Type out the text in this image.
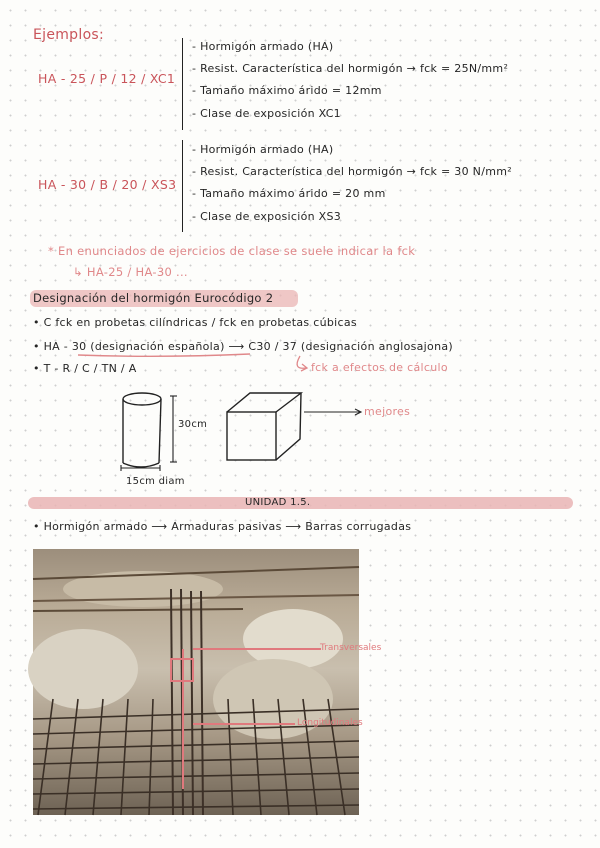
Ejemplos:
HA - 25 / P / 12 / XC1
- Hormigón armado (HA)
- Resist. Característica del hormigón → fck = 25N/mm²
- Tamaño máximo árido = 12mm
- Clase de exposición XC1
HA - 30 / B / 20 / XS3
- Hormigón armado (HA)
- Resist. Característica del hormigón → fck = 30 N/mm²
- Tamaño máximo árido = 20 mm
- Clase de exposición XS3
* En enunciados de ejercicios de clase se suele indicar la fck
↳ HA-25 / HA-30 ...
Designación del hormigón Eurocódigo 2
• C fck en probetas cilíndricas / fck en probetas cúbicas
• HA - 30 (designación española) ⟶ C30 / 37 (designación anglosajona)
• T - R / C / TN / A	fck a efectos de cálculo
30cm
15cm diam
mejores
UNIDAD 1.5.
• Hormigón armado ⟶ Armaduras pasivas ⟶ Barras corrugadas
Transversales
Longitudinales
